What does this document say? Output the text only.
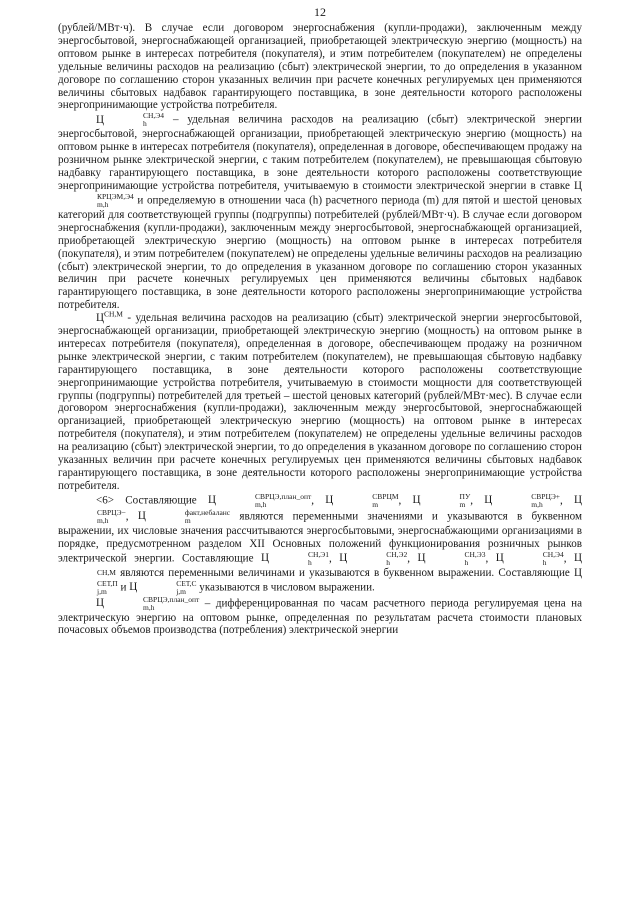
12

(рублей/МВт·ч). В случае если договором энергоснабжения (купли-продажи), заключенным между энергосбытовой, энергоснабжающей организацией, приобретающей электрическую энергию (мощность) на оптовом рынке в интересах потребителя (покупателя), и этим потребителем (покупателем) не определены удельные величины расходов на реализацию (сбыт) электрической энергии, то до определения в указанном договоре по соглашению сторон указанных величин при расчете конечных регулируемых цен применяются величины сбытовых надбавок гарантирующего поставщика, в зоне деятельности которого расположены энергопринимающие устройства потребителя.

Ц	СН,Э4
h	– удельная величина расходов на реализацию (сбыт) электрической энергии энергосбытовой, энергоснабжающей организации, приобретающей электрическую энергию (мощность) на оптовом рынке в интересах потребителя (покупателя), определенная в договоре, обеспечивающем продажу на розничном рынке электрической энергии, с таким потребителем (покупателем), не превышающая сбытовую надбавку гарантирующего поставщика, в зоне деятельности которого расположены соответствующие энергопринимающие устройства потребителя, учитываемую в стоимости электрической энергии в ставке Ц
КРЦЭМ,Э4
m,h	и определяемую в отношении часа (h) расчетного периода (m) для пятой и шестой ценовых категорий для соответствующей группы (подгруппы) потребителей (рублей/МВт·ч). В случае если договором энергоснабжения (купли-продажи), заключенным между энергосбытовой, энергоснабжающей организацией, приобретающей электрическую энергию (мощность) на оптовом рынке в интересах потребителя (покупателя), и этим потребителем (покупателем) не определены удельные величины расходов на реализацию (сбыт) электрической энергии, то до определения в указанном договоре по соглашению сторон указанных величин при расчете конечных регулируемых цен применяются величины сбытовых надбавок гарантирующего поставщика, в зоне деятельности которого расположены энергопринимающие устройства потребителя.

$Ц^{СН,М}$ - удельная величина расходов на реализацию (сбыт) электрической энергии энергосбытовой, энергоснабжающей организации, приобретающей электрическую энергию (мощность) на оптовом рынке в интересах потребителя (покупателя), определенная в договоре, обеспечивающем продажу на розничном рынке электрической энергии, с таким потребителем (покупателем), не превышающая сбытовую надбавку гарантирующего поставщика, в зоне деятельности которого расположены соответствующие энергопринимающие устройства потребителя, учитываемую в стоимости мощности для соответствующей группы (подгруппы) потребителей для третьей – шестой ценовых категорий (рублей/МВт·мес). В случае если договором энергоснабжения (купли-продажи), заключенным между энергосбытовой, энергоснабжающей организацией, приобретающей электрическую энергию (мощность) на оптовом рынке в интересах потребителя (покупателя), и этим потребителем (покупателем) не определены удельные величины расходов на реализацию (сбыт) электрической энергии, то до определения в указанном договоре по соглашению сторон указанных величин при расчете конечных регулируемых цен применяются величины сбытовых надбавок гарантирующего поставщика, в зоне деятельности которого расположены энергопринимающие устройства потребителя.

<6> Составляющие Ц	СВРЦЭ,план_опт
m,h	, Ц	СВРЦМ
m	, Ц	ПУ
m , Ц	СВРЦЭ+
m,h	, Ц
СВРЦЭ−
m,h	, Ц	факт,небаланс
m	являются переменными значениями и указываются в буквенном выражении, их числовые значения рассчитываются энергосбытовыми, энергоснабжающими организациями в порядке, предусмотренном разделом XII Основных положений функционирования розничных рынков электрической энергии. Составляющие Ц	СН,Э1
h	, Ц	СН,Э2
h	, Ц	СН,Э3
h	, Ц	СН,Э4
h	, Ц
СН,М являются переменными величинами и указываются в буквенном выражении. Составляющие Ц
СЕТ,П
j,m и Ц	СЕТ,С
j,m указываются в числовом выражении.

Ц	СВРЦЭ,план_опт
m,h	– дифференцированная по часам расчетного периода регулируемая цена на электрическую энергию на оптовом рынке, определенная по результатам расчета стоимости плановых почасовых объемов производства (потребления) электрической энергии
